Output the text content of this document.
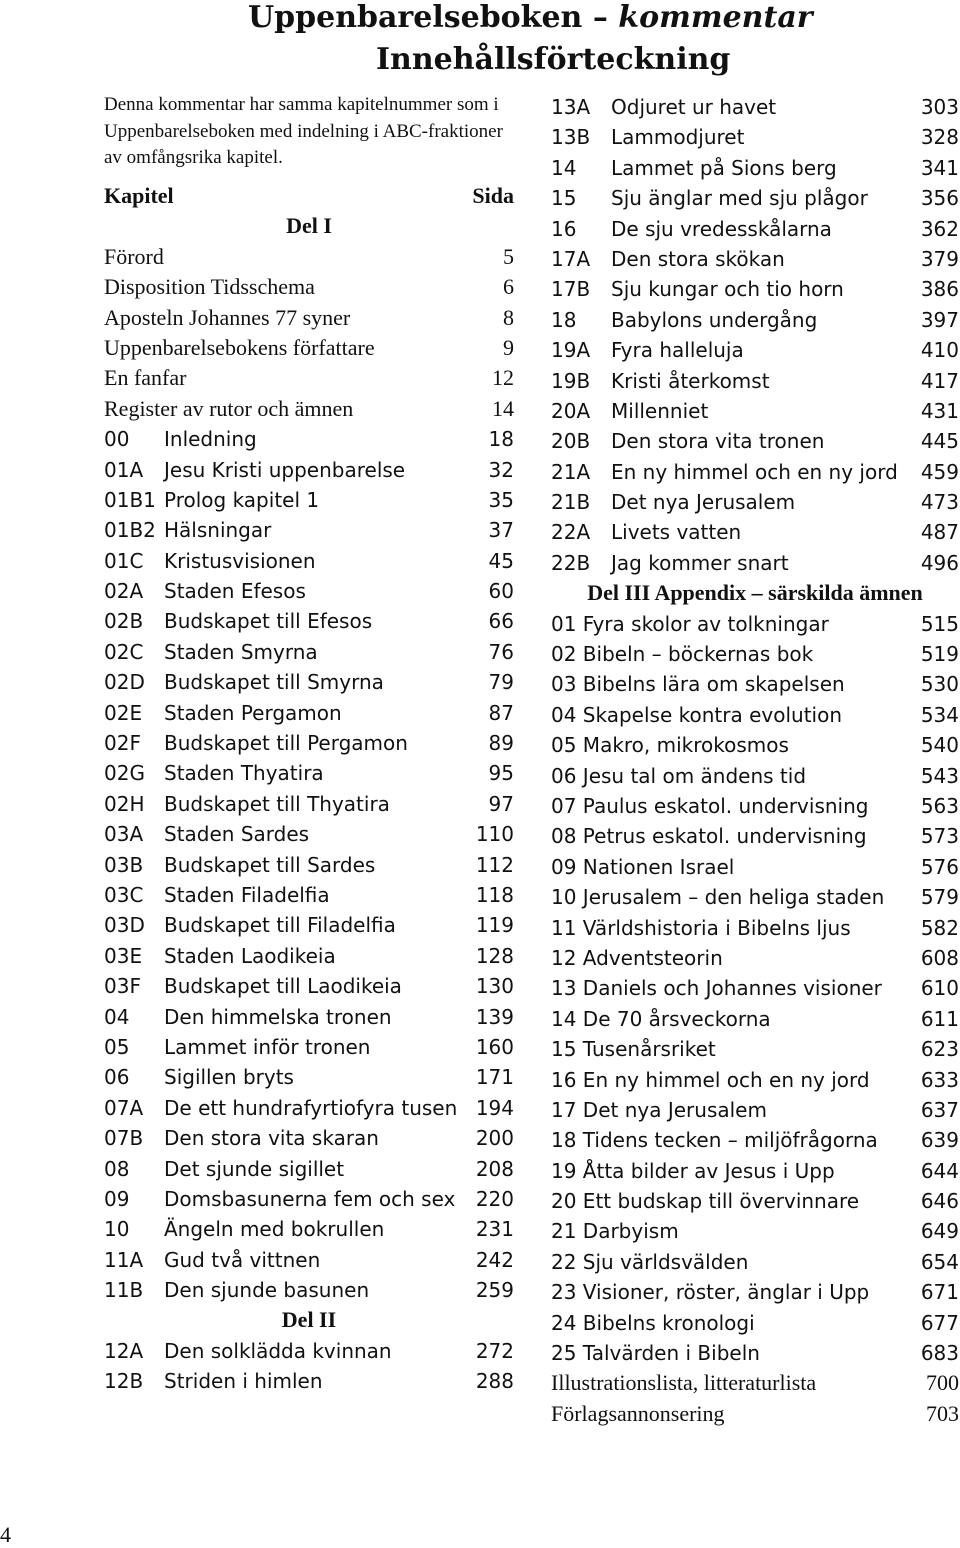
Uppenbarelseboken – kommentar
Innehållsförteckning
Denna kommentar har samma kapitelnummer som i Uppenbarelseboken med indelning i ABC-fraktioner av omfångsrika kapitel.
Kapitel	Sida
Del I
Förord	5
Disposition Tidsschema	6
Aposteln Johannes 77 syner	8
Uppenbarelsebokens författare	9
En fanfar	12
Register av rutor och ämnen	14
00 Inledning	18
01A Jesu Kristi uppenbarelse	32
01B1 Prolog kapitel 1	35
01B2 Hälsningar	37
01C Kristusvisionen	45
02A Staden Efesos	60
02B Budskapet till Efesos	66
02C Staden Smyrna	76
02D Budskapet till Smyrna	79
02E Staden Pergamon	87
02F Budskapet till Pergamon	89
02G Staden Thyatira	95
02H Budskapet till Thyatira	97
03A Staden Sardes	110
03B Budskapet till Sardes	112
03C Staden Filadelfia	118
03D Budskapet till Filadelfia	119
03E Staden Laodikeia	128
03F Budskapet till Laodikeia	130
04 Den himmelska tronen	139
05 Lammet inför tronen	160
06 Sigillen bryts	171
07A De ett hundrafyrtiofyra tusen 194
07B Den stora vita skaran	200
08 Det sjunde sigillet	208
09 Domsbasunerna fem och sex 220
10 Ängeln med bokrullen	231
11A Gud två vittnen	242
11B Den sjunde basunen	259
Del II
12A Den solklädda kvinnan	272
12B Striden i himlen	288
13A Odjuret ur havet	303
13B Lammodjuret	328
14 Lammet på Sions berg	341
15 Sju änglar med sju plågor	356
16 De sju vredesskålarna	362
17A Den stora skökan	379
17B Sju kungar och tio horn	386
18 Babylons undergång	397
19A Fyra halleluja	410
19B Kristi återkomst	417
20A Millenniet	431
20B Den stora vita tronen	445
21A En ny himmel och en ny jord 459
21B Det nya Jerusalem	473
22A Livets vatten	487
22B Jag kommer snart	496
Del III Appendix – särskilda ämnen
01 Fyra skolor av tolkningar	515
02 Bibeln – böckernas bok	519
03 Bibelns lära om skapelsen	530
04 Skapelse kontra evolution	534
05 Makro, mikrokosmos	540
06 Jesu tal om ändens tid	543
07 Paulus eskatol. undervisning	563
08 Petrus eskatol. undervisning	573
09 Nationen Israel	576
10 Jerusalem – den heliga staden 579
11 Världshistoria i Bibelns ljus	582
12 Adventsteorin	608
13 Daniels och Johannes visioner 610
14 De 70 årsveckorna	611
15 Tusenårsriket	623
16 En ny himmel och en ny jord	633
17 Det nya Jerusalem	637
18 Tidens tecken – miljöfrågorna 639
19 Åtta bilder av Jesus i Upp	644
20 Ett budskap till övervinnare	646
21 Darbyism	649
22 Sju världsvälden	654
23 Visioner, röster, änglar i Upp	671
24 Bibelns kronologi	677
25 Talvärden i Bibeln	683
Illustrationslista, litteraturlista	700
Förlagsannonsering	703
4
